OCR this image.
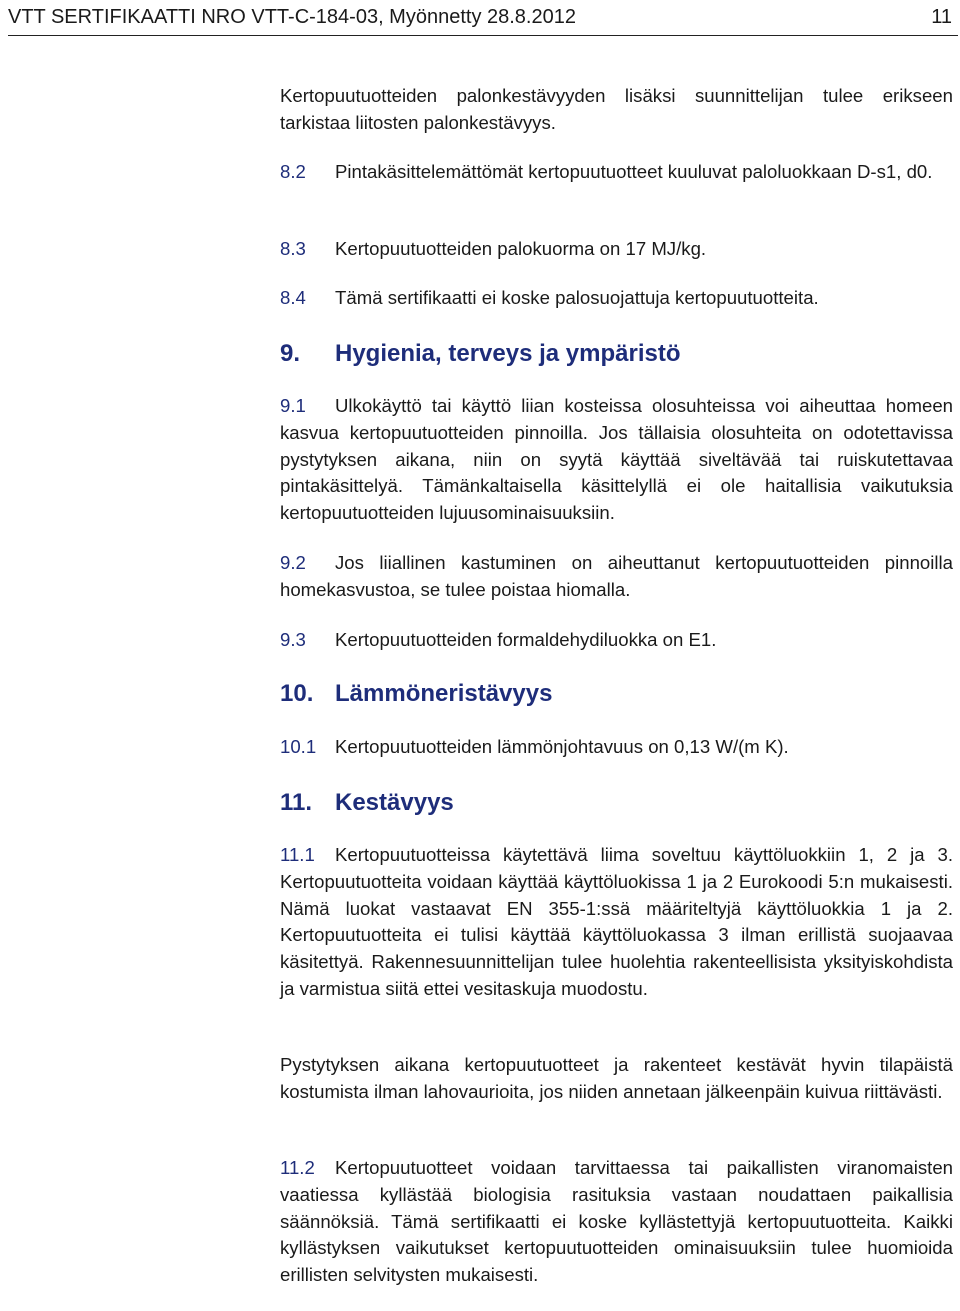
VTT SERTIFIKAATTI NRO VTT-C-184-03, Myönnetty 28.8.2012	11

Kertopuutuotteiden palonkestävyyden lisäksi suunnittelijan tulee erikseen tarkistaa liitosten palonkestävyys.

8.2 Pintakäsittelemättömät kertopuutuotteet kuuluvat paloluokkaan D-s1, d0.

8.3 Kertopuutuotteiden palokuorma on 17 MJ/kg.

8.4 Tämä sertifikaatti ei koske palosuojattuja kertopuutuotteita.

9. Hygienia, terveys ja ympäristö

9.1 Ulkokäyttö tai käyttö liian kosteissa olosuhteissa voi aiheuttaa homeen kasvua kertopuutuotteiden pinnoilla. Jos tällaisia olosuhteita on odotettavissa pystytyksen aikana, niin on syytä käyttää siveltävää tai ruiskutettavaa pintakäsittelyä. Tämänkaltaisella käsittelyllä ei ole haitallisia vaikutuksia kertopuutuotteiden lujuusominaisuuksiin.

9.2 Jos liiallinen kastuminen on aiheuttanut kertopuutuotteiden pinnoilla homekasvustoa, se tulee poistaa hiomalla.

9.3 Kertopuutuotteiden formaldehydiluokka on E1.

10. Lämmöneristävyys

10.1 Kertopuutuotteiden lämmönjohtavuus on 0,13 W/(m K).

11. Kestävyys

11.1 Kertopuutuotteissa käytettävä liima soveltuu käyttöluokkiin 1, 2 ja 3. Kertopuutuotteita voidaan käyttää käyttöluokissa 1 ja 2 Eurokoodi 5:n mukaisesti. Nämä luokat vastaavat EN 355-1:ssä määriteltyjä käyttöluokkia 1 ja 2. Kertopuutuotteita ei tulisi käyttää käyttöluokassa 3 ilman erillistä suojaavaa käsitettyä. Rakennesuunnittelijan tulee huolehtia rakenteellisista yksityiskohdista ja varmistua siitä ettei vesitaskuja muodostu.

Pystytyksen aikana kertopuutuotteet ja rakenteet kestävät hyvin tilapäistä kostumista ilman lahovaurioita, jos niiden annetaan jälkeenpäin kuivua riittävästi.

11.2 Kertopuutuotteet voidaan tarvittaessa tai paikallisten viranomaisten vaatiessa kyllästää biologisia rasituksia vastaan noudattaen paikallisia säännöksiä. Tämä sertifikaatti ei koske kyllästettyjä kertopuutuotteita. Kaikki kyllästyksen vaikutukset kertopuutuotteiden ominaisuuksiin tulee huomioida erillisten selvitysten mukaisesti.
